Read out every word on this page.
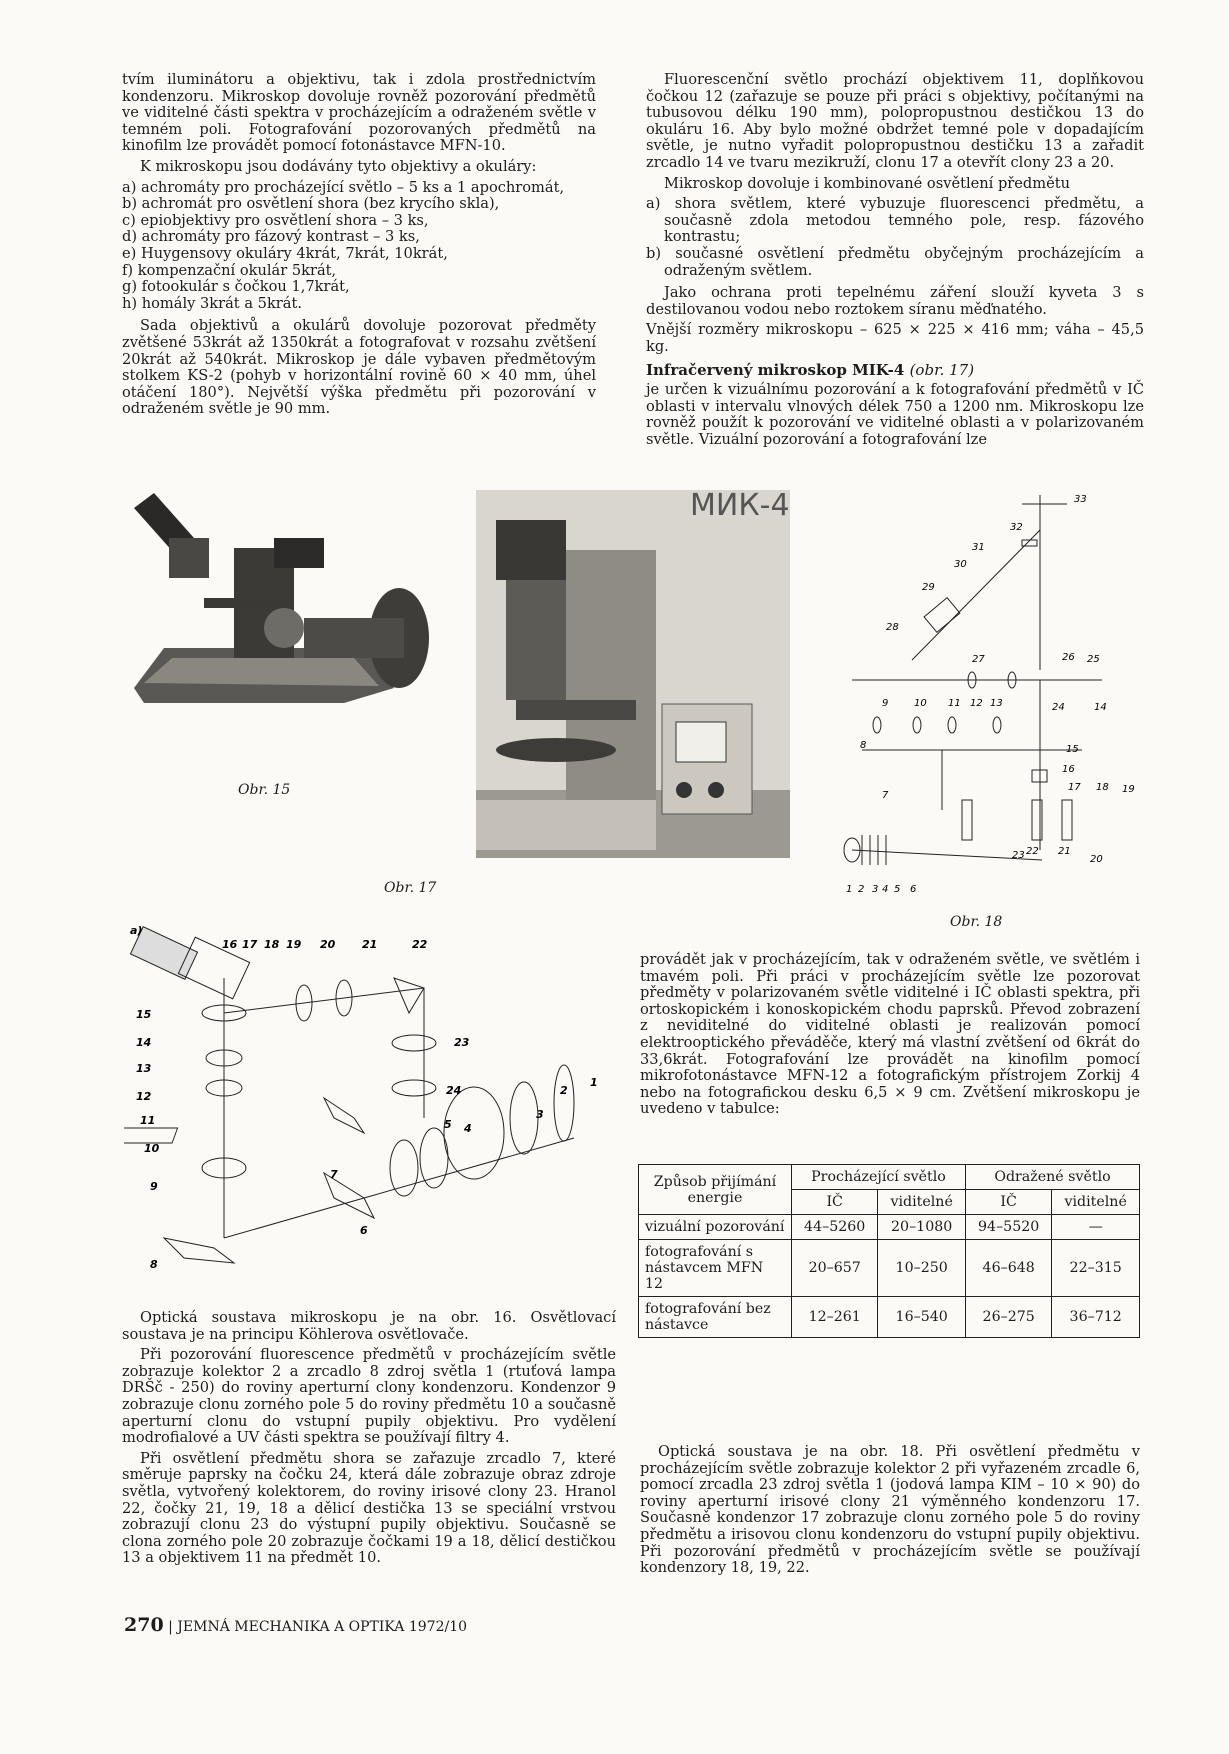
tvím iluminátoru a objektivu, tak i zdola prostřednictvím kondenzoru. Mikroskop dovoluje rovněž pozorování předmětů ve viditelné části spektra v procházejícím a odraženém světle v temném poli. Fotografování pozorovaných předmětů na kinofilm lze provádět pomocí fotonástavce MFN-10.

K mikroskopu jsou dodávány tyto objektivy a okuláry:

a) achromáty pro procházející světlo – 5 ks a 1 apochromát,
b) achromát pro osvětlení shora (bez krycího skla),
c) epiobjektivy pro osvětlení shora – 3 ks,
d) achromáty pro fázový kontrast – 3 ks,
e) Huygensovy okuláry 4krát, 7krát, 10krát,
f) kompenzační okulár 5krát,
g) fotookulár s čočkou 1,7krát,
h) homály 3krát a 5krát.

Sada objektivů a okulárů dovoluje pozorovat předměty zvětšené 53krát až 1350krát a fotografovat v rozsahu zvětšení 20krát až 540krát. Mikroskop je dále vybaven předmětovým stolkem KS-2 (pohyb v horizontální rovině 60 × 40 mm, úhel otáčení 180°). Největší výška předmětu při pozorování v odraženém světle je 90 mm.

Fluorescenční světlo prochází objektivem 11, doplňkovou čočkou 12 (zařazuje se pouze při práci s objektivy, počítanými na tubusovou délku 190 mm), polopropustnou destičkou 13 do okuláru 16. Aby bylo možné obdržet temné pole v dopadajícím světle, je nutno vyřadit polopropustnou destičku 13 a zařadit zrcadlo 14 ve tvaru mezikruží, clonu 17 a otevřít clony 23 a 20.

Mikroskop dovoluje i kombinované osvětlení předmětu

a) shora světlem, které vybuzuje fluorescenci předmětu, a současně zdola metodou temného pole, resp. fázového kontrastu;
b) současné osvětlení předmětu obyčejným procházejícím a odraženým světlem.

Jako ochrana proti tepelnému záření slouží kyveta 3 s destilovanou vodou nebo roztokem síranu měďnatého.

Vnější rozměry mikroskopu – 625 × 225 × 416 mm; váha – 45,5 kg.

Infračervený mikroskop MIK-4 (obr. 17)

je určen k vizuálnímu pozorování a k fotografování předmětů v IČ oblasti v intervalu vlnových délek 750 a 1200 nm. Mikroskopu lze rovněž použít k pozorování ve viditelné oblasti a v polarizovaném světle. Vizuální pozorování a fotografování lze

Obr. 15
МИК-4
Obr. 17
33
32
31
30
29
28
27	26 25
9	10 11 12 13	24	14
8	15
16
17 18 19
7
23 22 21
20
1 2 3 4 5 6
Obr. 18
a)
16 17 18 19 20 21	22
23
24
15
14
13
12
11
10
9
8
7
6
5 4
3
2
1

provádět jak v procházejícím, tak v odraženém světle, ve světlém i tmavém poli. Při práci v procházejícím světle lze pozorovat předměty v polarizovaném světle viditelné i IČ oblasti spektra, při ortoskopickém i konoskopickém chodu paprsků. Převod zobrazení z neviditelné do viditelné oblasti je realizován pomocí elektrooptického převáděče, který má vlastní zvětšení od 6krát do 33,6krát. Fotografování lze provádět na kinofilm pomocí mikrofotonástavce MFN-12 a fotografickým přístrojem Zorkij 4 nebo na fotografickou desku 6,5 × 9 cm. Zvětšení mikroskopu je uvedeno v tabulce:

Způsob přijímání energie	Procházející světlo		Odražené světlo	
	IČ	viditelné	IČ	viditelné
vizuální pozorování	44–5260	20–1080	94–5520	—
fotografování s nástavcem MFN 12	20–657	10–250	46–648	22–315
fotografování bez nástavce	12–261	16–540	26–275	36–712

Optická soustava je na obr. 18. Při osvětlení předmětu v procházejícím světle zobrazuje kolektor 2 při vyřazeném zrcadle 6, pomocí zrcadla 23 zdroj světla 1 (jodová lampa KIM – 10 × 90) do roviny aperturní irisové clony 21 výměnného kondenzoru 17. Současně kondenzor 17 zobrazuje clonu zorného pole 5 do roviny předmětu a irisovou clonu kondenzoru do vstupní pupily objektivu. Při pozorování předmětů v procházejícím světle se používají kondenzory 18, 19, 22.

Optická soustava mikroskopu je na obr. 16. Osvětlovací soustava je na principu Köhlerova osvětlovače.

Při pozorování fluorescence předmětů v procházejícím světle zobrazuje kolektor 2 a zrcadlo 8 zdroj světla 1 (rtuťová lampa DRŠč - 250) do roviny aperturní clony kondenzoru. Kondenzor 9 zobrazuje clonu zorného pole 5 do roviny předmětu 10 a současně aperturní clonu do vstupní pupily objektivu. Pro vydělení modrofialové a UV části spektra se používají filtry 4.

Při osvětlení předmětu shora se zařazuje zrcadlo 7, které směruje paprsky na čočku 24, která dále zobrazuje obraz zdroje světla, vytvořený kolektorem, do roviny irisové clony 23. Hranol 22, čočky 21, 19, 18 a dělicí destička 13 se speciální vrstvou zobrazují clonu 23 do výstupní pupily objektivu. Současně se clona zorného pole 20 zobrazuje čočkami 19 a 18, dělicí destičkou 13 a objektivem 11 na předmět 10.

270 | JEMNÁ MECHANIKA A OPTIKA 1972/10
